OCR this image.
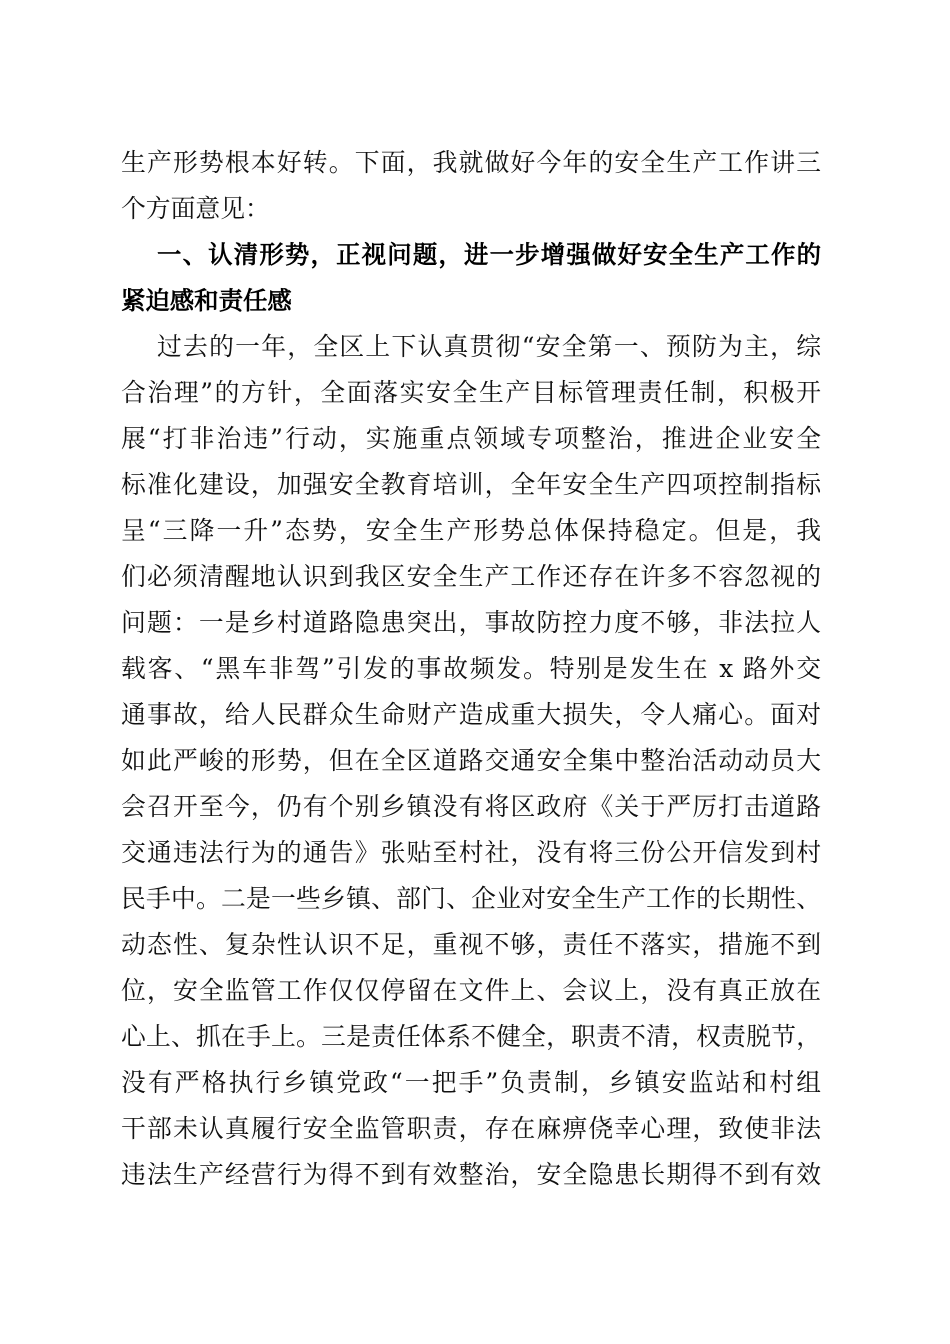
生产形势根本好转。下面，我就做好今年的安全生产工作讲三
个方面意见：
一、认清形势，正视问题，进一步增强做好安全生产工作的
紧迫感和责任感
过去的一年，全区上下认真贯彻“安全第一、预防为主，综
合治理”的方针，全面落实安全生产目标管理责任制，积极开
展“打非治违”行动，实施重点领域专项整治，推进企业安全
标准化建设，加强安全教育培训，全年安全生产四项控制指标
呈“三降一升”态势，安全生产形势总体保持稳定。但是，我
们必须清醒地认识到我区安全生产工作还存在许多不容忽视的
问题：一是乡村道路隐患突出，事故防控力度不够，非法拉人
载客、“黑车非驾”引发的事故频发。特别是发生在 x 路外交
通事故，给人民群众生命财产造成重大损失，令人痛心。面对
如此严峻的形势，但在全区道路交通安全集中整治活动动员大
会召开至今，仍有个别乡镇没有将区政府《关于严厉打击道路
交通违法行为的通告》张贴至村社，没有将三份公开信发到村
民手中。二是一些乡镇、部门、企业对安全生产工作的长期性、
动态性、复杂性认识不足，重视不够，责任不落实，措施不到
位，安全监管工作仅仅停留在文件上、会议上，没有真正放在
心上、抓在手上。三是责任体系不健全，职责不清，权责脱节，
没有严格执行乡镇党政“一把手”负责制，乡镇安监站和村组
干部未认真履行安全监管职责，存在麻痹侥幸心理，致使非法
违法生产经营行为得不到有效整治，安全隐患长期得不到有效
